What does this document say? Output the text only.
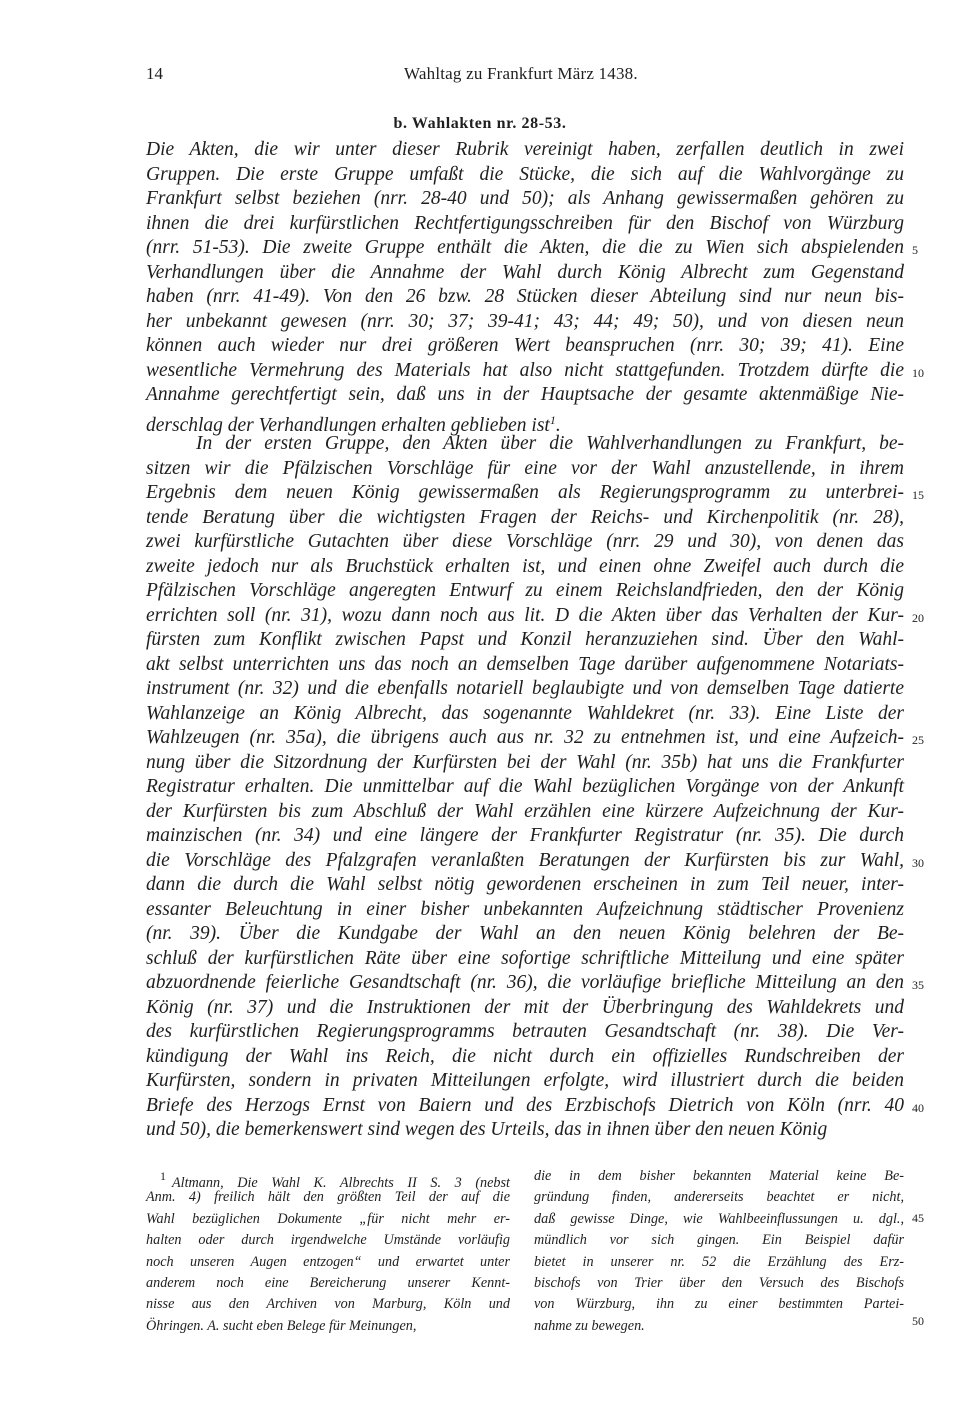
14	Wahltag zu Frankfurt März 1438.
b. Wahlakten nr. 28-53.
Die Akten, die wir unter dieser Rubrik vereinigt haben, zerfallen deutlich in zwei
Gruppen. Die erste Gruppe umfaßt die Stücke, die sich auf die Wahlvorgänge zu
Frankfurt selbst beziehen (nrr. 28-40 und 50); als Anhang gewissermaßen gehören zu
ihnen die drei kurfürstlichen Rechtfertigungsschreiben für den Bischof von Würzburg
(nrr. 51-53). Die zweite Gruppe enthält die Akten, die die zu Wien sich abspielenden
Verhandlungen über die Annahme der Wahl durch König Albrecht zum Gegenstand
haben (nrr. 41-49). Von den 26 bzw. 28 Stücken dieser Abteilung sind nur neun bis-
her unbekannt gewesen (nrr. 30; 37; 39-41; 43; 44; 49; 50), und von diesen neun
können auch wieder nur drei größeren Wert beanspruchen (nrr. 30; 39; 41). Eine
wesentliche Vermehrung des Materials hat also nicht stattgefunden. Trotzdem dürfte die
Annahme gerechtfertigt sein, daß uns in der Hauptsache der gesamte aktenmäßige Nie-
derschlag der Verhandlungen erhalten geblieben ist$^1$.
In der ersten Gruppe, den Akten über die Wahlverhandlungen zu Frankfurt, be-
sitzen wir die Pfälzischen Vorschläge für eine vor der Wahl anzustellende, in ihrem
Ergebnis dem neuen König gewissermaßen als Regierungsprogramm zu unterbrei-
tende Beratung über die wichtigsten Fragen der Reichs- und Kirchenpolitik (nr. 28),
zwei kurfürstliche Gutachten über diese Vorschläge (nrr. 29 und 30), von denen das
zweite jedoch nur als Bruchstück erhalten ist, und einen ohne Zweifel auch durch die
Pfälzischen Vorschläge angeregten Entwurf zu einem Reichslandfrieden, den der König
errichten soll (nr. 31), wozu dann noch aus lit. D die Akten über das Verhalten der Kur-
fürsten zum Konflikt zwischen Papst und Konzil heranzuziehen sind. Über den Wahl-
akt selbst unterrichten uns das noch an demselben Tage darüber aufgenommene Notariats-
instrument (nr. 32) und die ebenfalls notariell beglaubigte und von demselben Tage datierte
Wahlanzeige an König Albrecht, das sogenannte Wahldekret (nr. 33). Eine Liste der
Wahlzeugen (nr. 35a), die übrigens auch aus nr. 32 zu entnehmen ist, und eine Aufzeich-
nung über die Sitzordnung der Kurfürsten bei der Wahl (nr. 35b) hat uns die Frankfurter
Registratur erhalten. Die unmittelbar auf die Wahl bezüglichen Vorgänge von der Ankunft
der Kurfürsten bis zum Abschluß der Wahl erzählen eine kürzere Aufzeichnung der Kur-
mainzischen (nr. 34) und eine längere der Frankfurter Registratur (nr. 35). Die durch
die Vorschläge des Pfalzgrafen veranlaßten Beratungen der Kurfürsten bis zur Wahl,
dann die durch die Wahl selbst nötig gewordenen erscheinen in zum Teil neuer, inter-
essanter Beleuchtung in einer bisher unbekannten Aufzeichnung städtischer Provenienz
(nr. 39). Über die Kundgabe der Wahl an den neuen König belehren der Be-
schluß der kurfürstlichen Räte über eine sofortige schriftliche Mitteilung und eine später
abzuordnende feierliche Gesandtschaft (nr. 36), die vorläufige briefliche Mitteilung an den
König (nr. 37) und die Instruktionen der mit der Überbringung des Wahldekrets und
des kurfürstlichen Regierungsprogramms betrauten Gesandtschaft (nr. 38). Die Ver-
kündigung der Wahl ins Reich, die nicht durch ein offizielles Rundschreiben der
Kurfürsten, sondern in privaten Mitteilungen erfolgte, wird illustriert durch die beiden
Briefe des Herzogs Ernst von Baiern und des Erzbischofs Dietrich von Köln (nrr. 40
und 50), die bemerkenswert sind wegen des Urteils, das in ihnen über den neuen König
$^1$ Altmann, Die Wahl K. Albrechts II S. 3 (nebst
Anm. 4) freilich hält den größten Teil der auf die
Wahl bezüglichen Dokumente „für nicht mehr er-
halten oder durch irgendwelche Umstände vorläufig
noch unseren Augen entzogen“ und erwartet unter
anderem noch eine Bereicherung unserer Kennt-
nisse aus den Archiven von Marburg, Köln und
Öhringen. A. sucht eben Belege für Meinungen,
die in dem bisher bekannten Material keine Be-
gründung finden, andererseits beachtet er nicht,
daß gewisse Dinge, wie Wahlbeeinflussungen u. dgl.,
mündlich vor sich gingen. Ein Beispiel dafür
bietet in unserer nr. 52 die Erzählung des Erz-
bischofs von Trier über den Versuch des Bischofs
von Würzburg, ihn zu einer bestimmten Partei-
nahme zu bewegen.
5
10
15
20
25
30
35
40
45
50
